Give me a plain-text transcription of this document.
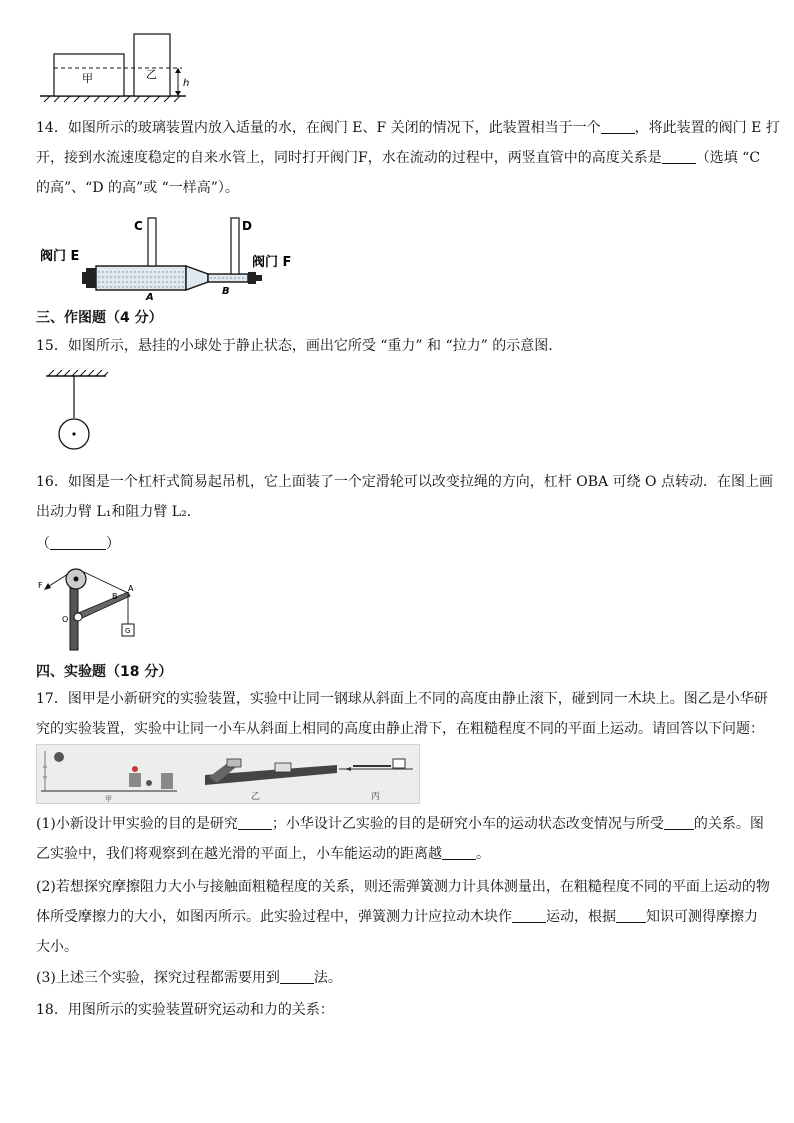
甲	乙
h
14．如图所示的玻璃装置内放入适量的水，在阀门 E、F 关闭的情况下，此装置相当于一个 ，将此装置的阀门 E 打
开，接到水流速度稳定的自来水管上，同时打开阀门F，水在流动的过程中，两竖直管中的高度关系是 （选填 “C
的高”、“D 的高”或 “一样高”）。
阀门 E	阀门 F
C	D
A
B
三、作图题（4 分）
15．如图所示，悬挂的小球处于静止状态，画出它所受 “重力” 和 “拉力” 的示意图.
16．如图是一个杠杆式简易起吊机，它上面装了一个定滑轮可以改变拉绳的方向，杠杆 OBA 可绕 O 点转动．在图上画
出动力臂 L₁和阻力臂 L₂.
（	）
F	A
B
O
G
四、实验题（18 分）
17．图甲是小新研究的实验装置，实验中让同一钢球从斜面上不同的高度由静止滚下，碰到同一木块上。图乙是小华研
究的实验装置，实验中让同一小车从斜面上相同的高度由静止滑下，在粗糙程度不同的平面上运动。请回答以下问题：
甲	乙	丙
(1)小新设计甲实验的目的是研究 ；小华设计乙实验的目的是研究小车的运动状态改变情况与所受 的关系。图
乙实验中，我们将观察到在越光滑的平面上，小车能运动的距离越 。
(2)若想探究摩擦阻力大小与接触面粗糙程度的关系，则还需弹簧测力计具体测量出，在粗糙程度不同的平面上运动的物
体所受摩擦力的大小，如图丙所示。此实验过程中，弹簧测力计应拉动木块作 运动，根据 知识可测得摩擦力
大小。
(3)上述三个实验，探究过程都需要用到 法。
18．用图所示的实验装置研究运动和力的关系：
